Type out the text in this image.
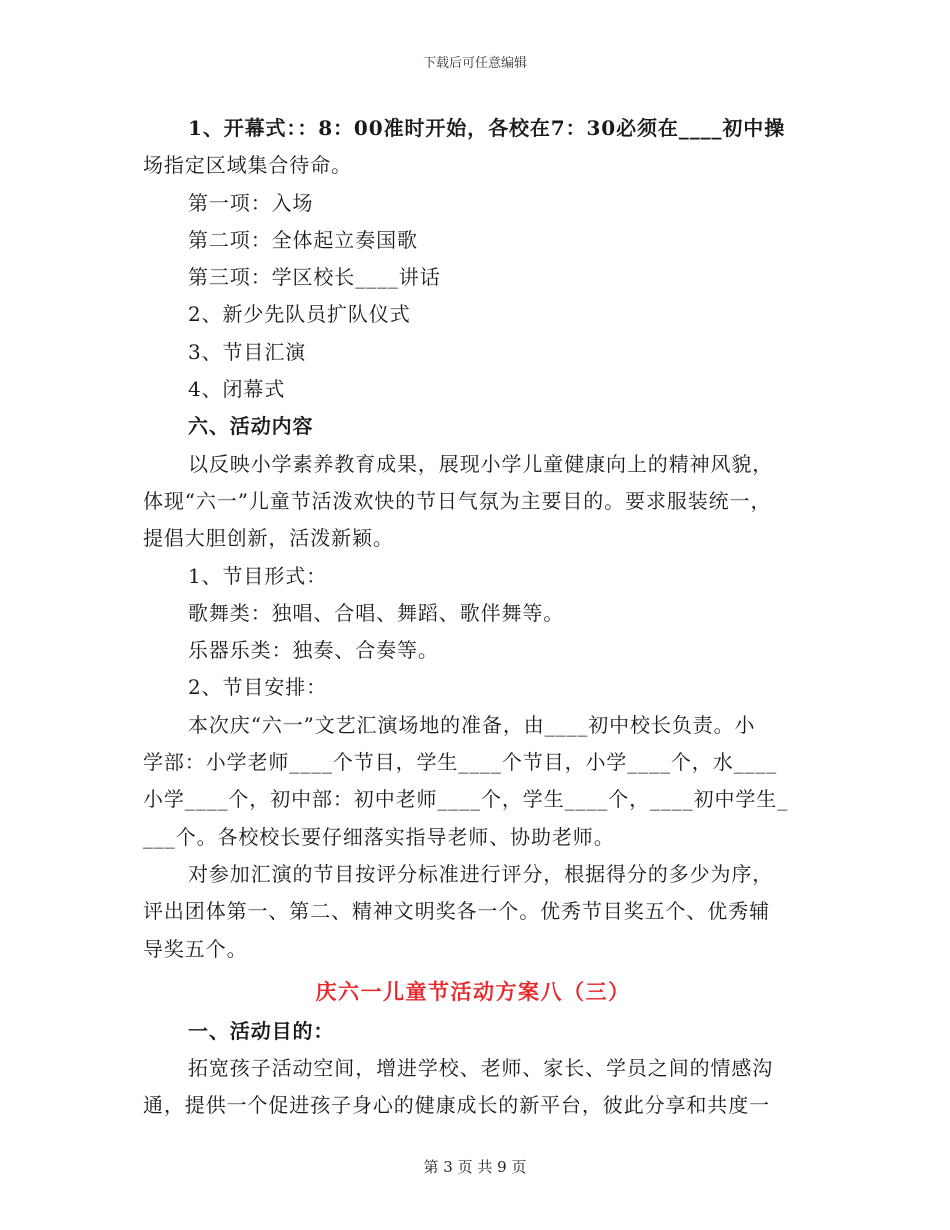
下载后可任意编辑
1、开幕式：：8：00准时开始，各校在7：30必须在____初中操
场指定区域集合待命。
第一项：入场
第二项：全体起立奏国歌
第三项：学区校长____讲话
2、新少先队员扩队仪式
3、节目汇演
4、闭幕式
六、活动内容
以反映小学素养教育成果，展现小学儿童健康向上的精神风貌，
体现“六一”儿童节活泼欢快的节日气氛为主要目的。要求服装统一，
提倡大胆创新，活泼新颖。
1、节目形式：
歌舞类：独唱、合唱、舞蹈、歌伴舞等。
乐器乐类：独奏、合奏等。
2、节目安排：
本次庆“六一”文艺汇演场地的准备，由____初中校长负责。小
学部：小学老师____个节目，学生____个节目，小学____个，水____
小学____个，初中部：初中老师____个，学生____个，____初中学生_
___个。各校校长要仔细落实指导老师、协助老师。
对参加汇演的节目按评分标准进行评分，根据得分的多少为序，
评出团体第一、第二、精神文明奖各一个。优秀节目奖五个、优秀辅
导奖五个。
庆六一儿童节活动方案八（三）
一、活动目的：
拓宽孩子活动空间，增进学校、老师、家长、学员之间的情感沟
通，提供一个促进孩子身心的健康成长的新平台，彼此分享和共度一
第 3 页 共 9 页
